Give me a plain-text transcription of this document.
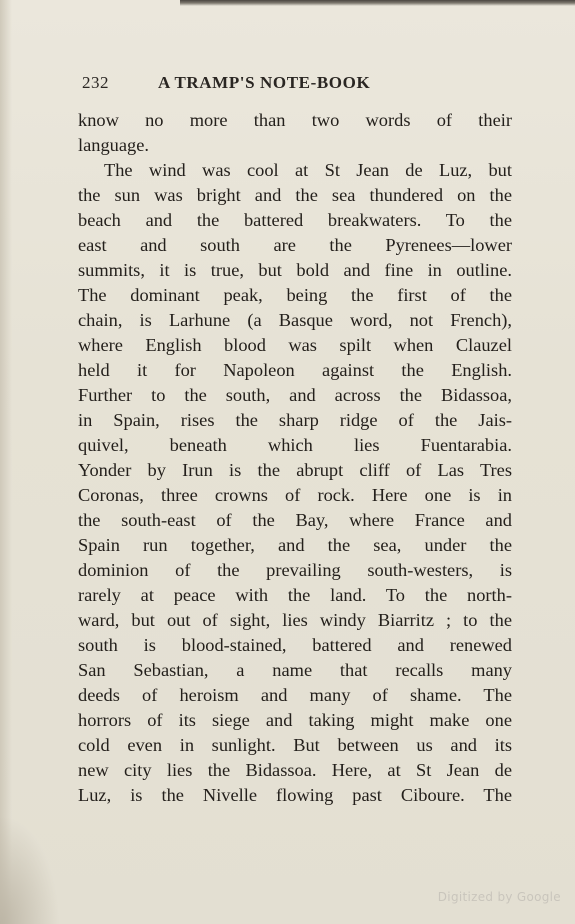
232	A TRAMP'S NOTE-BOOK
know no more than two words of their
language.
The wind was cool at St Jean de Luz, but
the sun was bright and the sea thundered on the
beach and the battered breakwaters. To the
east and south are the Pyrenees—lower
summits, it is true, but bold and fine in outline.
The dominant peak, being the first of the
chain, is Larhune (a Basque word, not French),
where English blood was spilt when Clauzel
held it for Napoleon against the English.
Further to the south, and across the Bidassoa,
in Spain, rises the sharp ridge of the Jais-
quivel, beneath which lies Fuentarabia.
Yonder by Irun is the abrupt cliff of Las Tres
Coronas, three crowns of rock. Here one is in
the south-east of the Bay, where France and
Spain run together, and the sea, under the
dominion of the prevailing south-westers, is
rarely at peace with the land. To the north-
ward, but out of sight, lies windy Biarritz ; to the
south is blood-stained, battered and renewed
San Sebastian, a name that recalls many
deeds of heroism and many of shame. The
horrors of its siege and taking might make one
cold even in sunlight. But between us and its
new city lies the Bidassoa. Here, at St Jean de
Luz, is the Nivelle flowing past Ciboure. The
Digitized by Google
